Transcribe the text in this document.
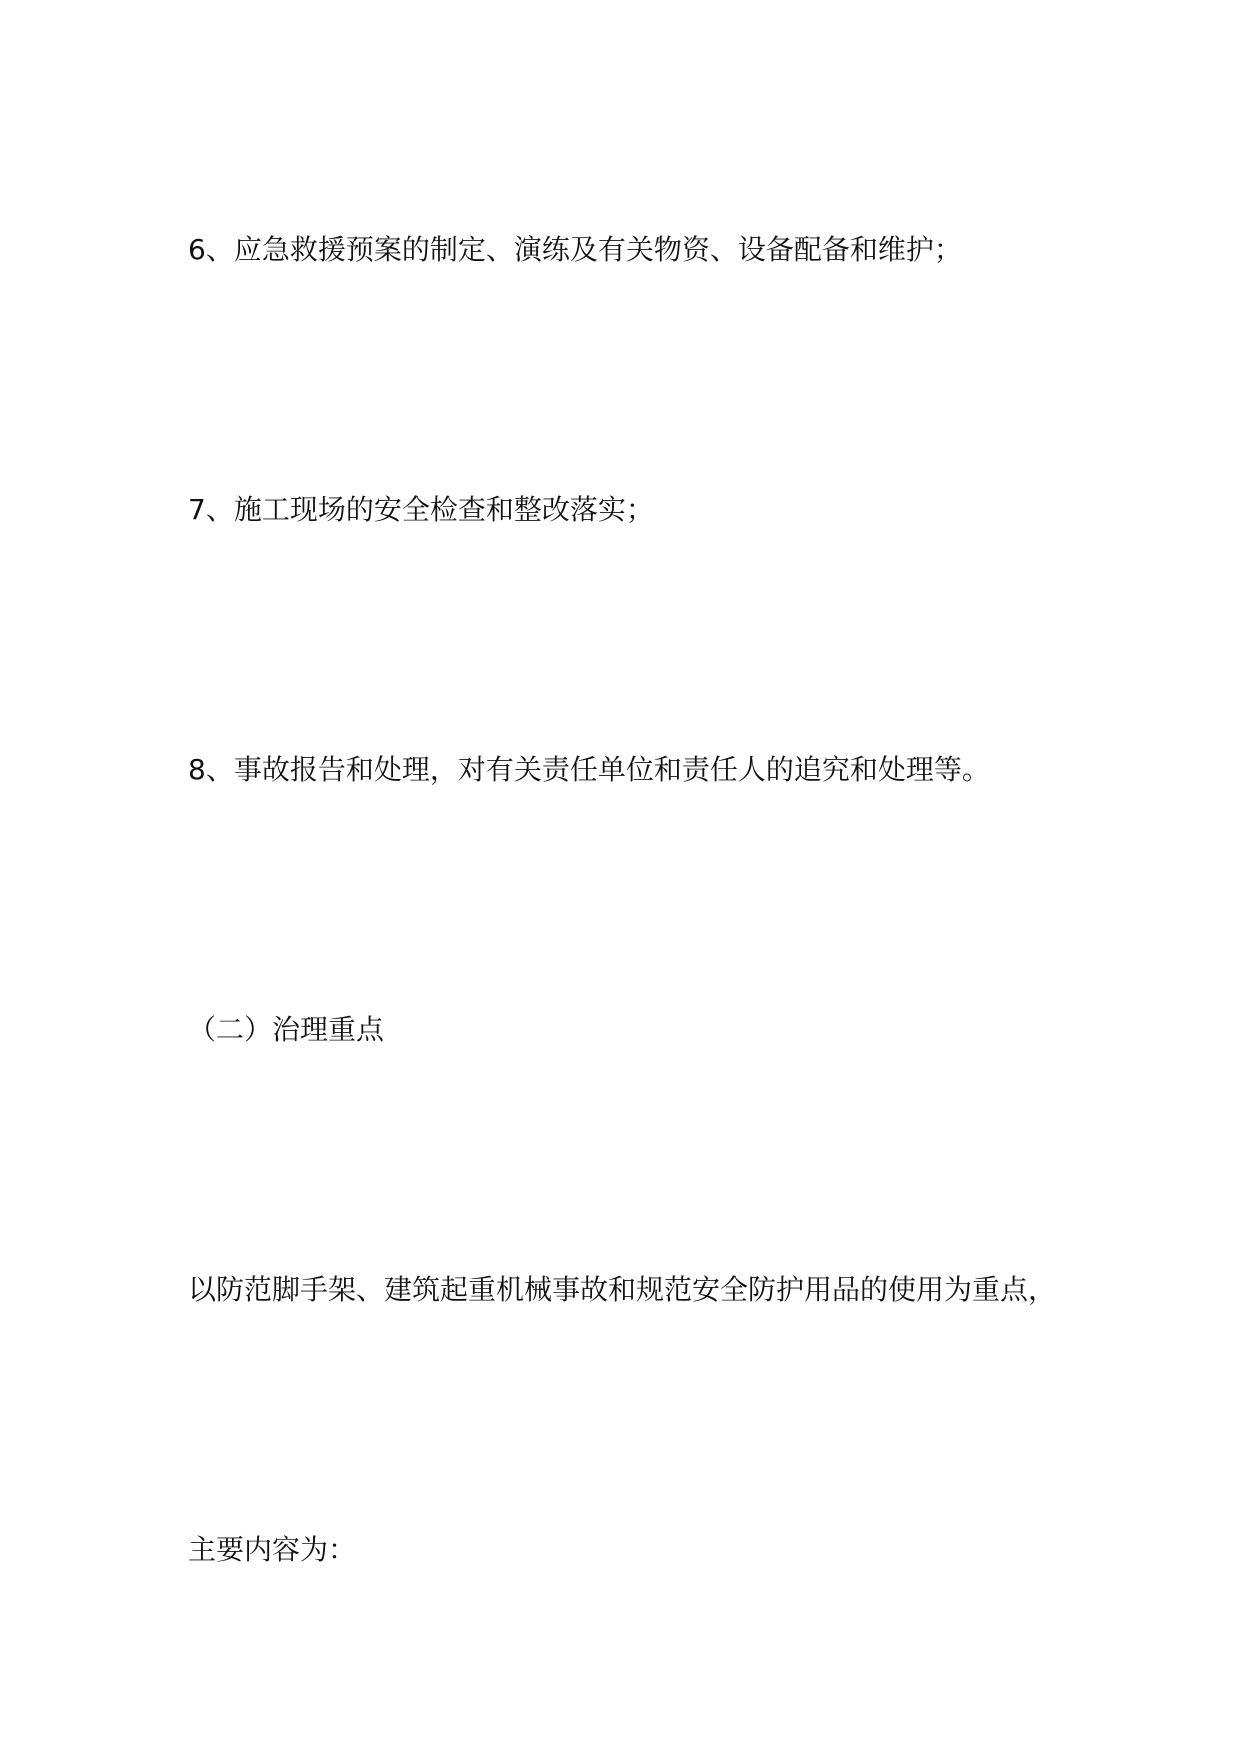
6、应急救援预案的制定、演练及有关物资、设备配备和维护；

7、施工现场的安全检查和整改落实；

8、事故报告和处理，对有关责任单位和责任人的追究和处理等。

（二）治理重点

以防范脚手架、建筑起重机械事故和规范安全防护用品的使用为重点，

主要内容为：
